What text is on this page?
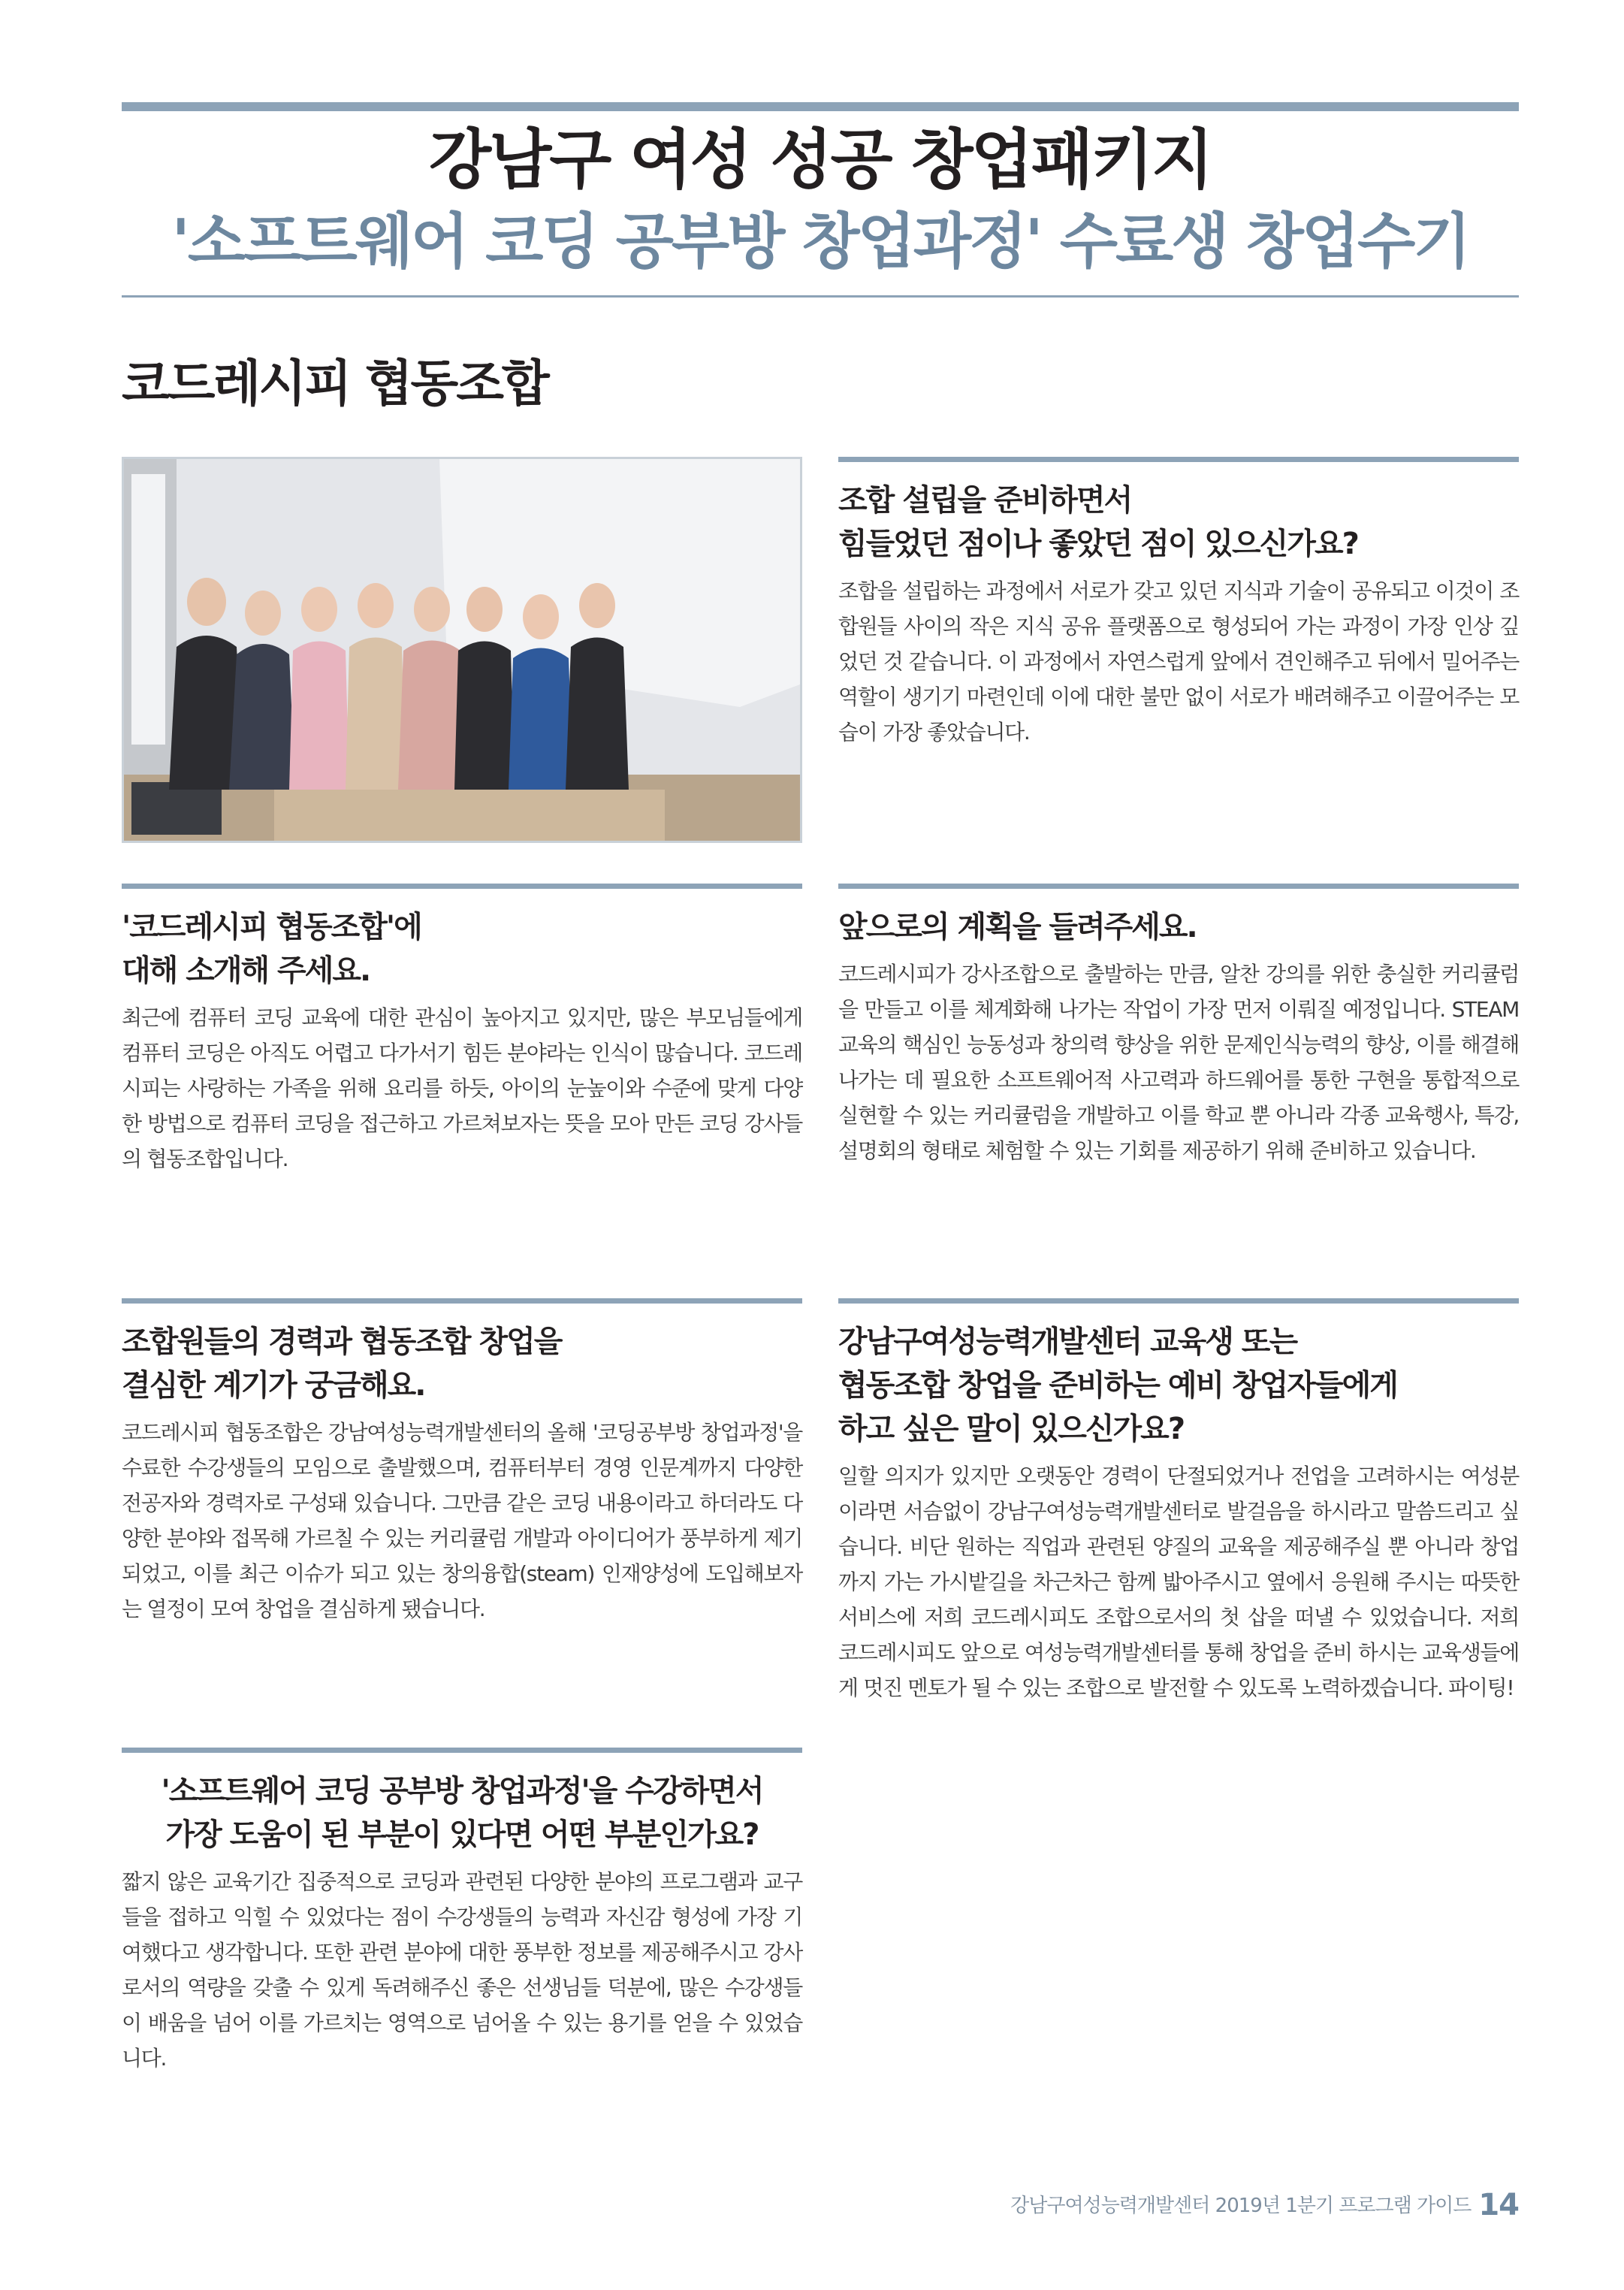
강남구 여성 성공 창업패키지
'소프트웨어 코딩 공부방 창업과정' 수료생 창업수기
코드레시피 협동조합
조합 설립을 준비하면서
힘들었던 점이나 좋았던 점이 있으신가요?
조합을 설립하는 과정에서 서로가 갖고 있던 지식과 기술이 공유되고 이것이 조합원들 사이의 작은 지식 공유 플랫폼으로 형성되어 가는 과정이 가장 인상 깊었던 것 같습니다. 이 과정에서 자연스럽게 앞에서 견인해주고 뒤에서 밀어주는 역할이 생기기 마련인데 이에 대한 불만 없이 서로가 배려해주고 이끌어주는 모습이 가장 좋았습니다.
'코드레시피 협동조합'에
대해 소개해 주세요.
최근에 컴퓨터 코딩 교육에 대한 관심이 높아지고 있지만, 많은 부모님들에게 컴퓨터 코딩은 아직도 어렵고 다가서기 힘든 분야라는 인식이 많습니다. 코드레시피는 사랑하는 가족을 위해 요리를 하듯, 아이의 눈높이와 수준에 맞게 다양한 방법으로 컴퓨터 코딩을 접근하고 가르쳐보자는 뜻을 모아 만든 코딩 강사들의 협동조합입니다.
앞으로의 계획을 들려주세요.
코드레시피가 강사조합으로 출발하는 만큼, 알찬 강의를 위한 충실한 커리큘럼을 만들고 이를 체계화해 나가는 작업이 가장 먼저 이뤄질 예정입니다. STEAM교육의 핵심인 능동성과 창의력 향상을 위한 문제인식능력의 향상, 이를 해결해 나가는 데 필요한 소프트웨어적 사고력과 하드웨어를 통한 구현을 통합적으로 실현할 수 있는 커리큘럼을 개발하고 이를 학교 뿐 아니라 각종 교육행사, 특강, 설명회의 형태로 체험할 수 있는 기회를 제공하기 위해 준비하고 있습니다.
조합원들의 경력과 협동조합 창업을
결심한 계기가 궁금해요.
코드레시피 협동조합은 강남여성능력개발센터의 올해 '코딩공부방 창업과정'을 수료한 수강생들의 모임으로 출발했으며, 컴퓨터부터 경영 인문계까지 다양한 전공자와 경력자로 구성돼 있습니다. 그만큼 같은 코딩 내용이라고 하더라도 다양한 분야와 접목해 가르칠 수 있는 커리큘럼 개발과 아이디어가 풍부하게 제기되었고, 이를 최근 이슈가 되고 있는 창의융합(steam) 인재양성에 도입해보자는 열정이 모여 창업을 결심하게 됐습니다.
강남구여성능력개발센터 교육생 또는
협동조합 창업을 준비하는 예비 창업자들에게
하고 싶은 말이 있으신가요?
일할 의지가 있지만 오랫동안 경력이 단절되었거나 전업을 고려하시는 여성분이라면 서슴없이 강남구여성능력개발센터로 발걸음을 하시라고 말씀드리고 싶습니다. 비단 원하는 직업과 관련된 양질의 교육을 제공해주실 뿐 아니라 창업까지 가는 가시밭길을 차근차근 함께 밟아주시고 옆에서 응원해 주시는 따뜻한 서비스에 저희 코드레시피도 조합으로서의 첫 삽을 떠낼 수 있었습니다. 저희 코드레시피도 앞으로 여성능력개발센터를 통해 창업을 준비 하시는 교육생들에게 멋진 멘토가 될 수 있는 조합으로 발전할 수 있도록 노력하겠습니다. 파이팅!
'소프트웨어 코딩 공부방 창업과정'을 수강하면서
가장 도움이 된 부분이 있다면 어떤 부분인가요?
짧지 않은 교육기간 집중적으로 코딩과 관련된 다양한 분야의 프로그램과 교구들을 접하고 익힐 수 있었다는 점이 수강생들의 능력과 자신감 형성에 가장 기여했다고 생각합니다. 또한 관련 분야에 대한 풍부한 정보를 제공해주시고 강사로서의 역량을 갖출 수 있게 독려해주신 좋은 선생님들 덕분에, 많은 수강생들이 배움을 넘어 이를 가르치는 영역으로 넘어올 수 있는 용기를 얻을 수 있었습니다.
강남구여성능력개발센터 2019년 1분기 프로그램 가이드 14
